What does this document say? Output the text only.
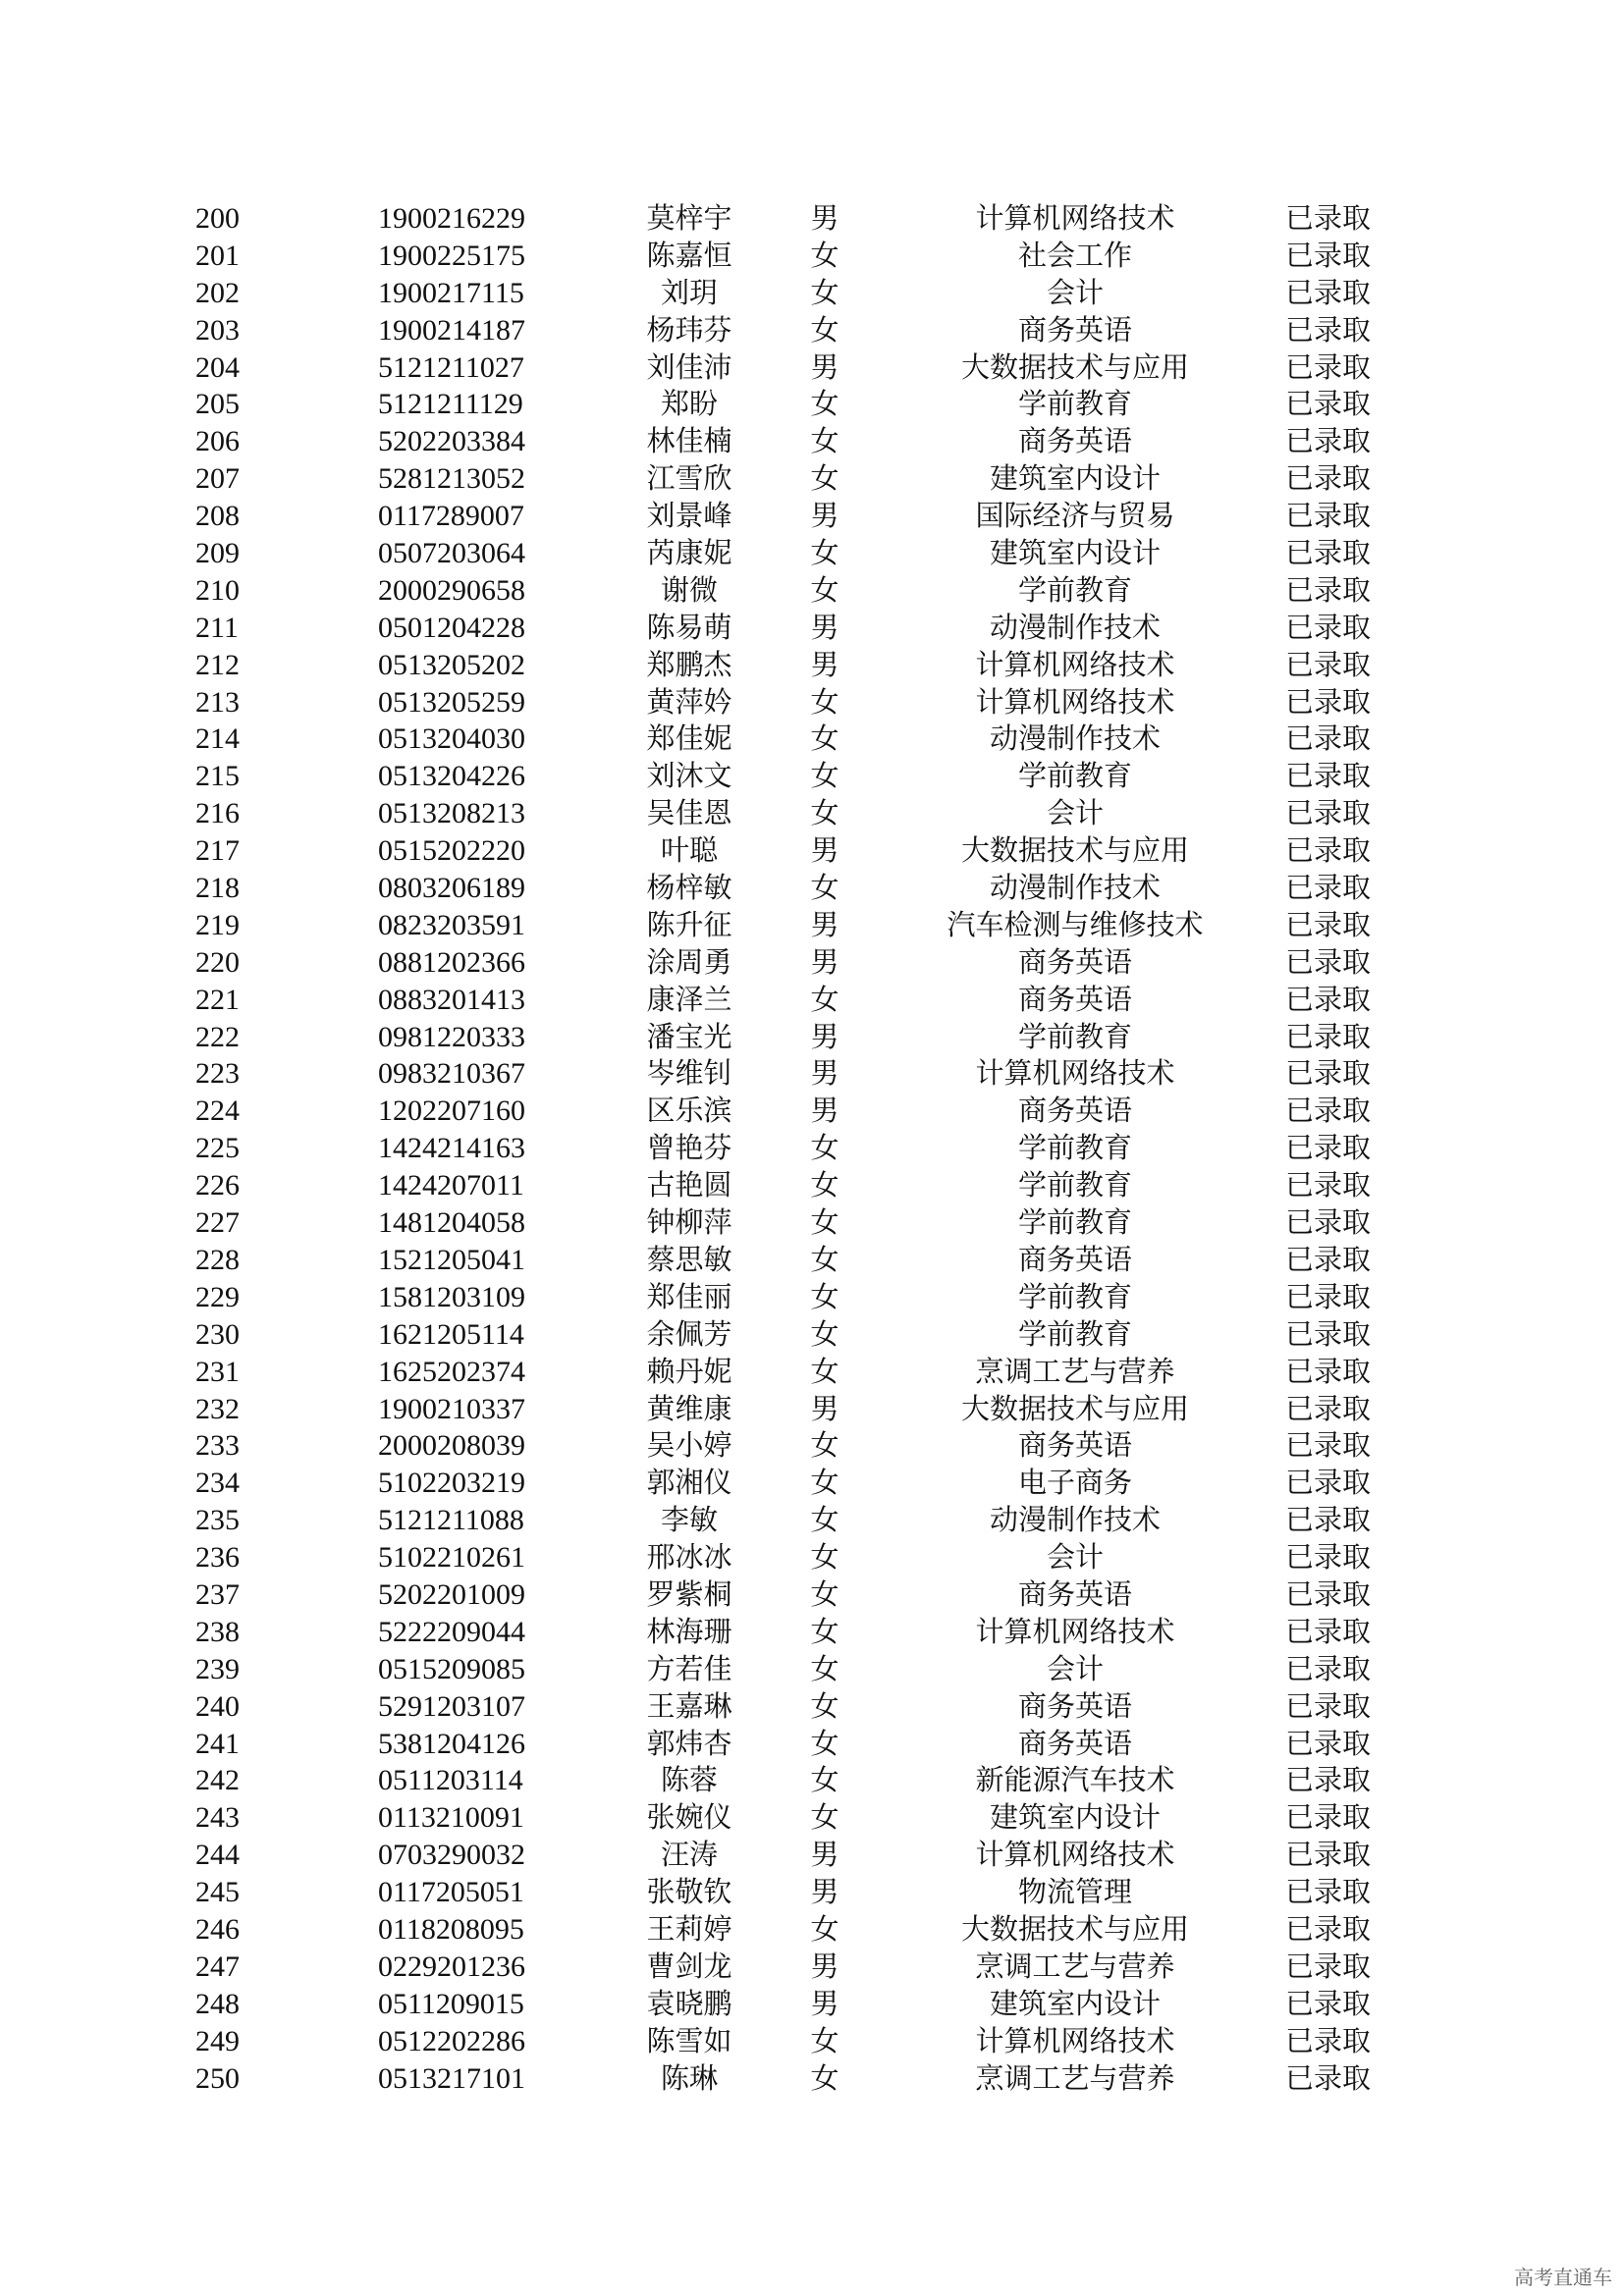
200	1900216229	莫梓宇	男	计算机网络技术	已录取
201	1900225175	陈嘉恒	女	社会工作	已录取
202	1900217115	刘玥	女	会计	已录取
203	1900214187	杨玮芬	女	商务英语	已录取
204	5121211027	刘佳沛	男	大数据技术与应用	已录取
205	5121211129	郑盼	女	学前教育	已录取
206	5202203384	林佳楠	女	商务英语	已录取
207	5281213052	江雪欣	女	建筑室内设计	已录取
208	0117289007	刘景峰	男	国际经济与贸易	已录取
209	0507203064	芮康妮	女	建筑室内设计	已录取
210	2000290658	谢微	女	学前教育	已录取
211	0501204228	陈易萌	男	动漫制作技术	已录取
212	0513205202	郑鹏杰	男	计算机网络技术	已录取
213	0513205259	黄萍妗	女	计算机网络技术	已录取
214	0513204030	郑佳妮	女	动漫制作技术	已录取
215	0513204226	刘沐文	女	学前教育	已录取
216	0513208213	吴佳恩	女	会计	已录取
217	0515202220	叶聪	男	大数据技术与应用	已录取
218	0803206189	杨梓敏	女	动漫制作技术	已录取
219	0823203591	陈升征	男	汽车检测与维修技术	已录取
220	0881202366	涂周勇	男	商务英语	已录取
221	0883201413	康泽兰	女	商务英语	已录取
222	0981220333	潘宝光	男	学前教育	已录取
223	0983210367	岑维钊	男	计算机网络技术	已录取
224	1202207160	区乐滨	男	商务英语	已录取
225	1424214163	曾艳芬	女	学前教育	已录取
226	1424207011	古艳圆	女	学前教育	已录取
227	1481204058	钟柳萍	女	学前教育	已录取
228	1521205041	蔡思敏	女	商务英语	已录取
229	1581203109	郑佳丽	女	学前教育	已录取
230	1621205114	余佩芳	女	学前教育	已录取
231	1625202374	赖丹妮	女	烹调工艺与营养	已录取
232	1900210337	黄维康	男	大数据技术与应用	已录取
233	2000208039	吴小婷	女	商务英语	已录取
234	5102203219	郭湘仪	女	电子商务	已录取
235	5121211088	李敏	女	动漫制作技术	已录取
236	5102210261	邢冰冰	女	会计	已录取
237	5202201009	罗紫桐	女	商务英语	已录取
238	5222209044	林海珊	女	计算机网络技术	已录取
239	0515209085	方若佳	女	会计	已录取
240	5291203107	王嘉琳	女	商务英语	已录取
241	5381204126	郭炜杏	女	商务英语	已录取
242	0511203114	陈蓉	女	新能源汽车技术	已录取
243	0113210091	张婉仪	女	建筑室内设计	已录取
244	0703290032	汪涛	男	计算机网络技术	已录取
245	0117205051	张敬钦	男	物流管理	已录取
246	0118208095	王莉婷	女	大数据技术与应用	已录取
247	0229201236	曹剑龙	男	烹调工艺与营养	已录取
248	0511209015	袁晓鹏	男	建筑室内设计	已录取
249	0512202286	陈雪如	女	计算机网络技术	已录取
250	0513217101	陈琳	女	烹调工艺与营养	已录取
高考直通车
